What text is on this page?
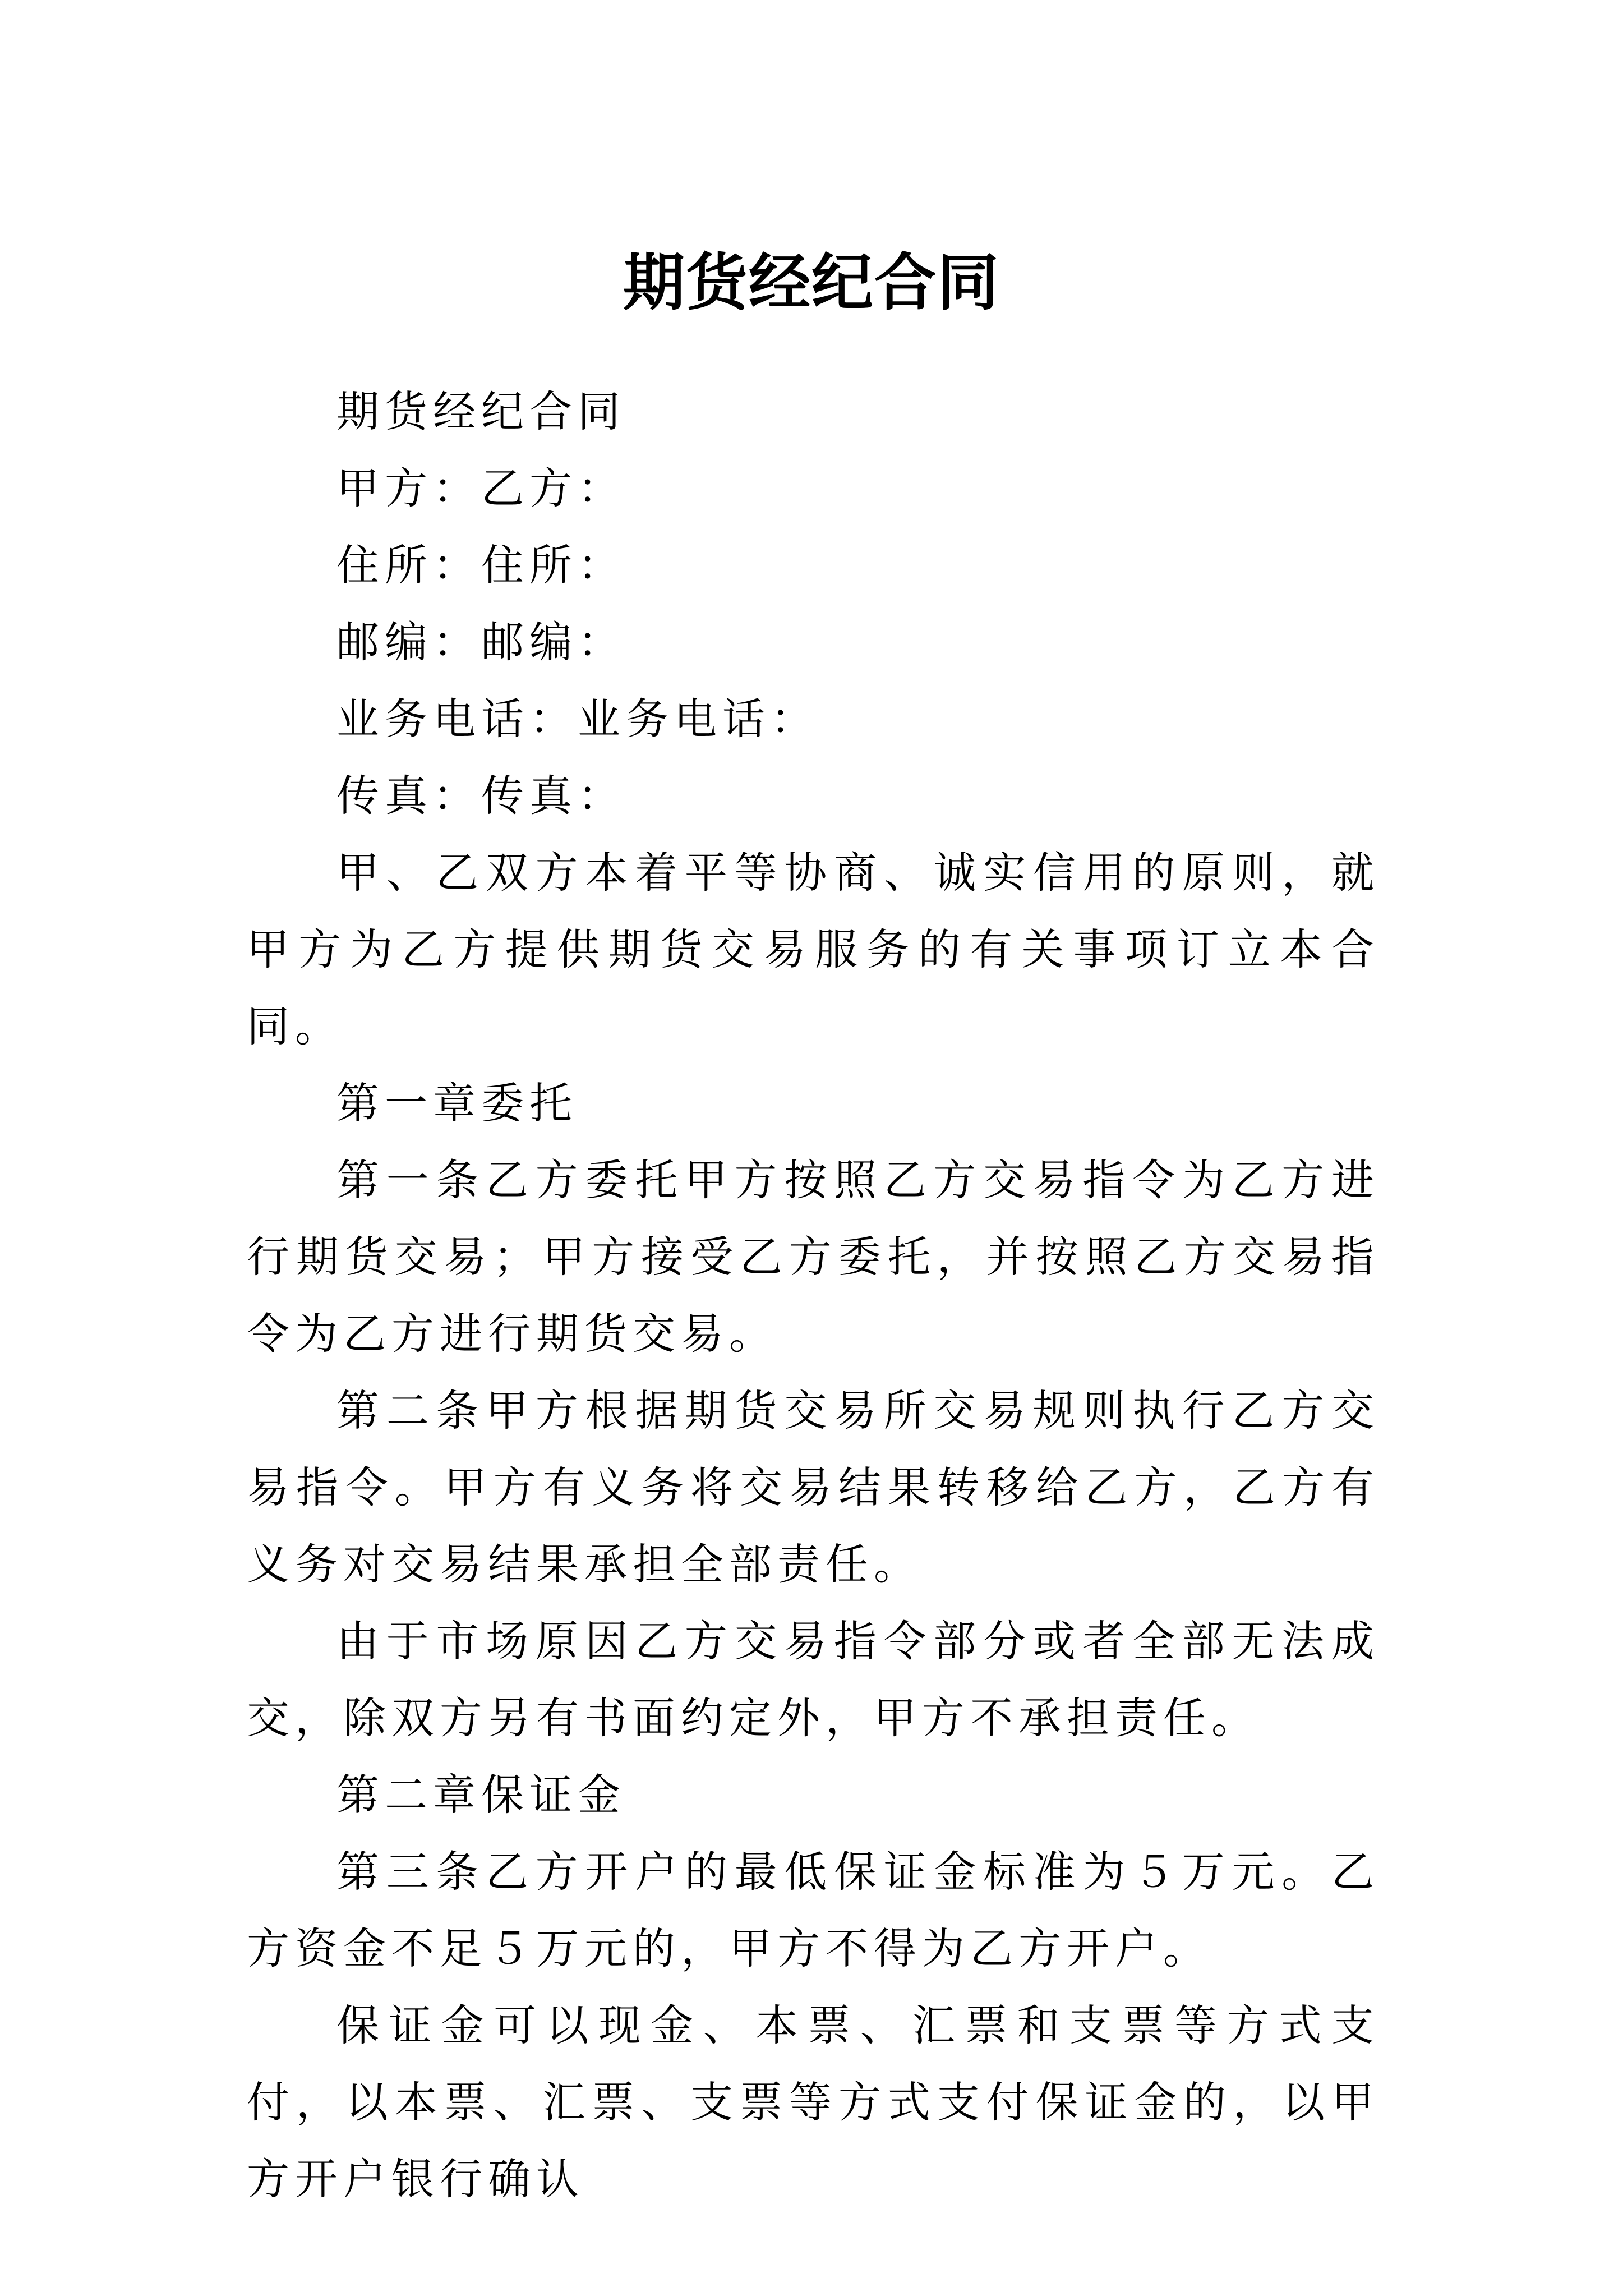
期货经纪合同

期货经纪合同

甲方：乙方：

住所：住所：

邮编：邮编：

业务电话：业务电话：

传真：传真：

甲、乙双方本着平等协商、诚实信用的原则，就甲方为乙方提供期货交易服务的有关事项订立本合同。

第一章委托

第一条乙方委托甲方按照乙方交易指令为乙方进行期货交易；甲方接受乙方委托，并按照乙方交易指令为乙方进行期货交易。

第二条甲方根据期货交易所交易规则执行乙方交易指令。甲方有义务将交易结果转移给乙方，乙方有义务对交易结果承担全部责任。

由于市场原因乙方交易指令部分或者全部无法成交，除双方另有书面约定外，甲方不承担责任。

第二章保证金

第三条乙方开户的最低保证金标准为５万元。乙方资金不足５万元的，甲方不得为乙方开户。

保证金可以现金、本票、汇票和支票等方式支付，以本票、汇票、支票等方式支付保证金的，以甲方开户银行确认
